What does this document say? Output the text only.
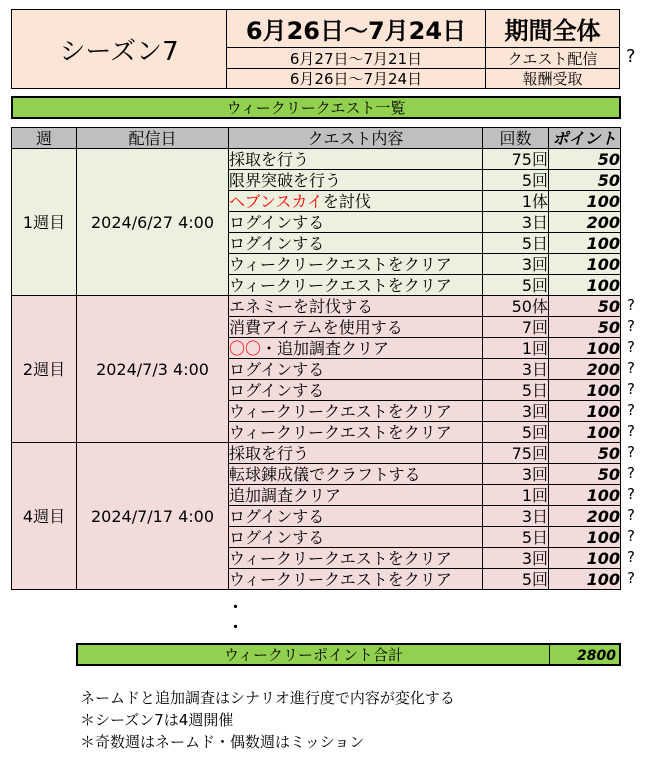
シーズン7
6月26日～7月24日 期間全体
6月27日～7月21日	クエスト配信
6月26日～7月24日	報酬受取
?
ウィークリークエスト一覧
週	配信日	クエスト内容	回数	ポイント
1週目	2024/6/27 4:00	採取を行う	75回	50
		限界突破を行う	5回	50
		ヘブンスカイを討伐	1体	100
		ログインする	3日	200
		ログインする	5日	100
		ウィークリークエストをクリア	3回	100
		ウィークリークエストをクリア	5回	100
2週目	2024/7/3 4:00	エネミーを討伐する	50体	50
		消費アイテムを使用する	7回	50
		〇〇・追加調査クリア	1回	100
		ログインする	3日	200
		ログインする	5日	100
		ウィークリークエストをクリア	3回	100
		ウィークリークエストをクリア	5回	100
4週目	2024/7/17 4:00	採取を行う	75回	50
		転球錬成儀でクラフトする	3回	50
		追加調査クリア	1回	100
		ログインする	3日	200
		ログインする	5日	100
		ウィークリークエストをクリア	3回	100
		ウィークリークエストをクリア	5回	100
?
?
?
?
?
?
?
?
?
?
?
?
?
?
・
・
ウィークリーポイント合計	2800
ネームドと追加調査はシナリオ進行度で内容が変化する
＊シーズン7は4週開催
＊奇数週はネームド・偶数週はミッション
